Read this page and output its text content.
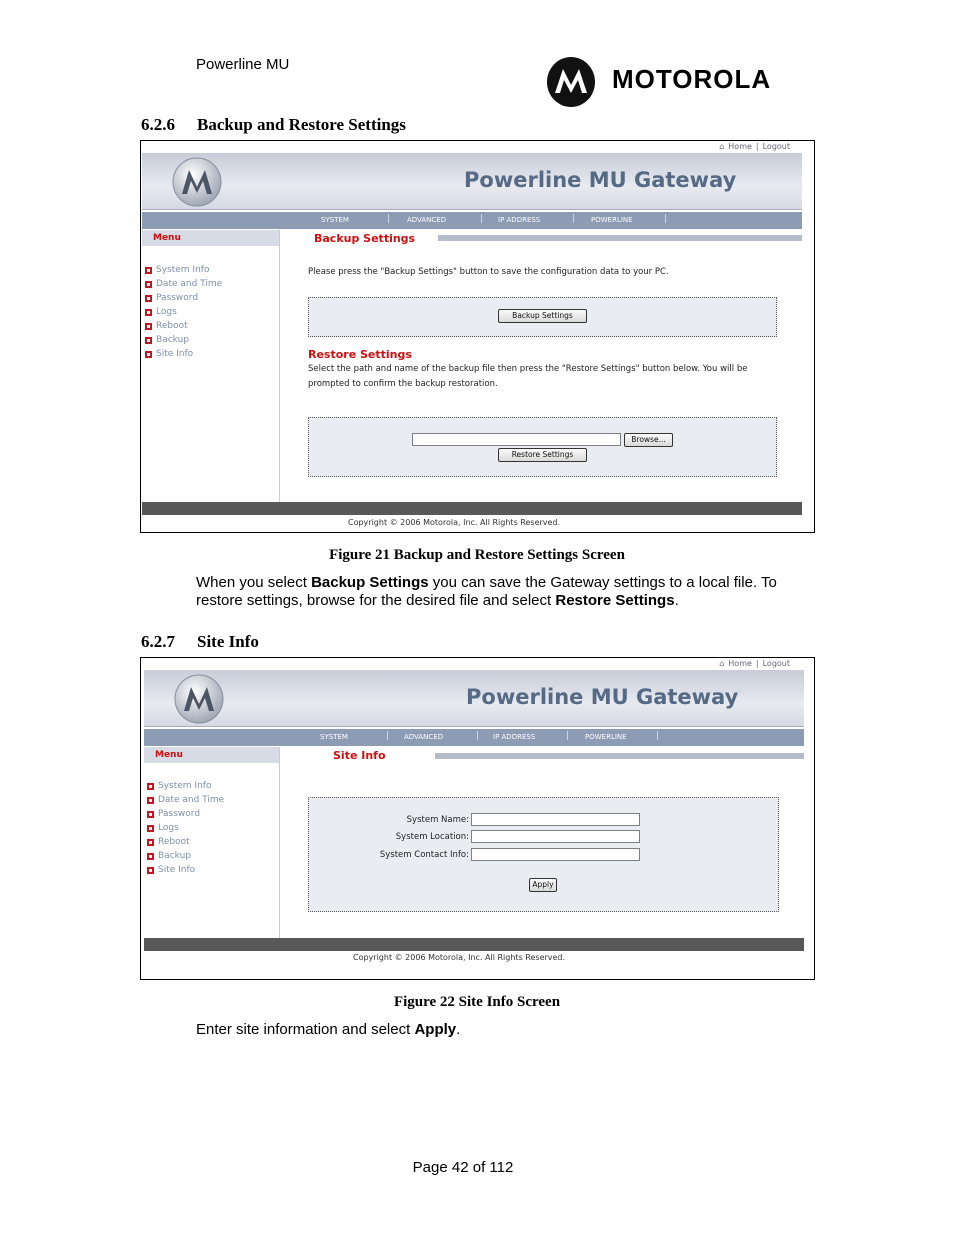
Powerline MU	MOTOROLA
6.2.6 Backup and Restore Settings
⌂ Home | Logout
Powerline MU Gateway
SYSTEM	| ADVANCED	| IP ADDRESS	| POWERLINE	|
Menu
System Info
Date and Time
Password
Logs
Reboot
Backup
Site Info
Backup Settings
Please press the "Backup Settings" button to save the configuration data to your PC.
Backup Settings
Restore Settings
Select the path and name of the backup file then press the "Restore Settings" button below. You will be
prompted to confirm the backup restoration.
Browse...
Restore Settings
Copyright © 2006 Motorola, Inc. All Rights Reserved.
Figure 21 Backup and Restore Settings Screen
When you select Backup Settings you can save the Gateway settings to a local file. To restore settings, browse for the desired file and select Restore Settings.
6.2.7 Site Info
⌂ Home | Logout
Powerline MU Gateway
SYSTEM	| ADVANCED	| IP ADDRESS	| POWERLINE	|
Menu
System Info
Date and Time
Password
Logs
Reboot
Backup
Site Info
Site Info
System Name:
System Location:
System Contact Info:
Apply
Copyright © 2006 Motorola, Inc. All Rights Reserved.
Figure 22 Site Info Screen
Enter site information and select Apply.
Page 42 of 112
